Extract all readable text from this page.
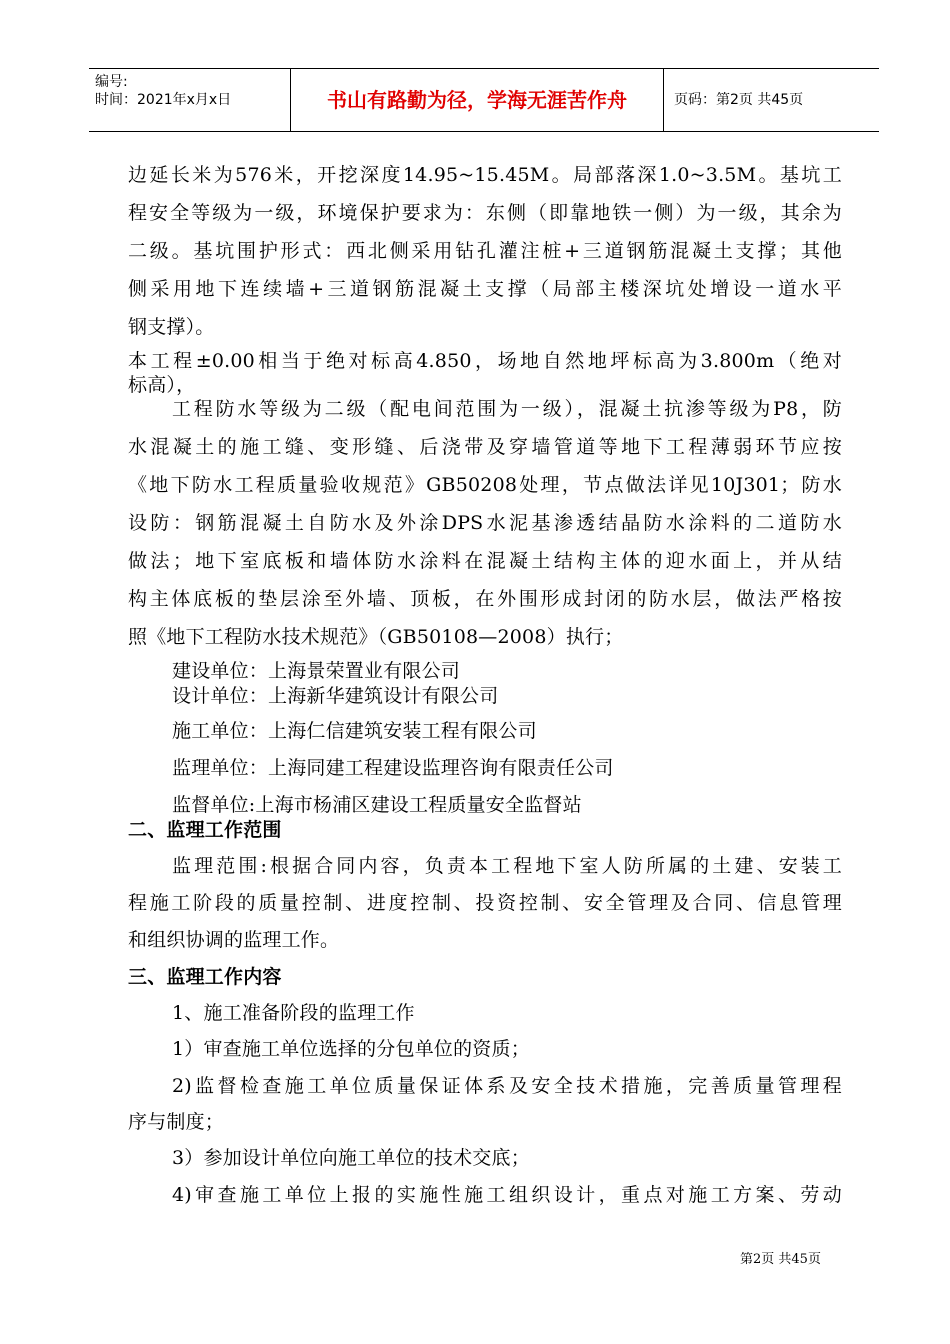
编号:
时间：2021年x月x日	书山有路勤为径，学海无涯苦作舟	页码：第2页 共45页
边延长米为576米，开挖深度14.95~15.45M。局部落深1.0~3.5M。基坑工
程安全等级为一级，环境保护要求为：东侧（即靠地铁一侧）为一级，其余为
二级。基坑围护形式：西北侧采用钻孔灌注桩+三道钢筋混凝土支撑；其他
侧采用地下连续墙+三道钢筋混凝土支撑（局部主楼深坑处增设一道水平
钢支撑）。
本工程±0.00相当于绝对标高4.850，场地自然地坪标高为3.800m（绝对
标高），
工程防水等级为二级（配电间范围为一级），混凝土抗渗等级为P8，防
水混凝土的施工缝、变形缝、后浇带及穿墙管道等地下工程薄弱环节应按
《地下防水工程质量验收规范》GB50208处理，节点做法详见10J301；防水
设防：钢筋混凝土自防水及外涂DPS水泥基渗透结晶防水涂料的二道防水
做法；地下室底板和墙体防水涂料在混凝土结构主体的迎水面上，并从结
构主体底板的垫层涂至外墙、顶板，在外围形成封闭的防水层，做法严格按
照《地下工程防水技术规范》（GB50108—2008）执行；
建设单位：上海景荣置业有限公司
设计单位：上海新华建筑设计有限公司
施工单位：上海仁信建筑安装工程有限公司
监理单位：上海同建工程建设监理咨询有限责任公司
监督单位:上海市杨浦区建设工程质量安全监督站
二、监理工作范围
监理范围:根据合同内容，负责本工程地下室人防所属的土建、安装工
程施工阶段的质量控制、进度控制、投资控制、安全管理及合同、信息管理
和组织协调的监理工作。
三、监理工作内容
1、施工准备阶段的监理工作
1）审查施工单位选择的分包单位的资质；
2)监督检查施工单位质量保证体系及安全技术措施，完善质量管理程
序与制度；
3）参加设计单位向施工单位的技术交底；
4)审查施工单位上报的实施性施工组织设计，重点对施工方案、劳动
第2页 共45页
